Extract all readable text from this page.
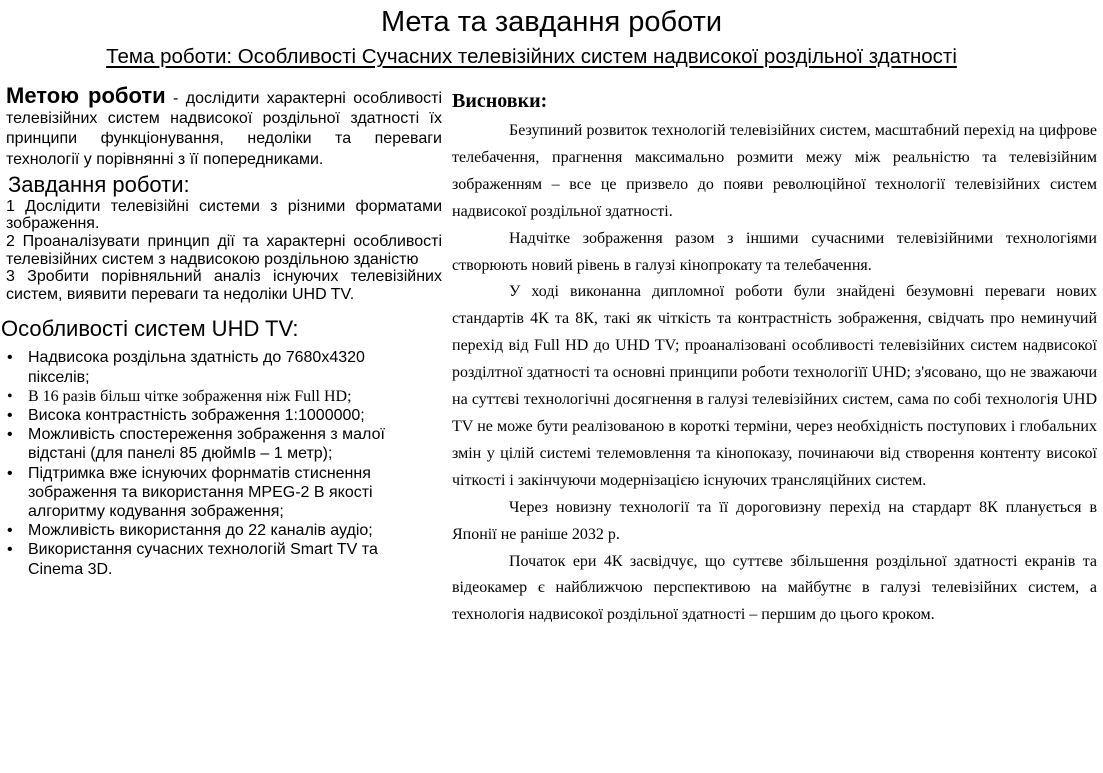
Мета та завдання роботи
Тема роботи: Особливості Сучасних телевізійних систем надвисокої роздільної здатності

Метою роботи - дослідити характерні особливості телевізійних систем надвисокої роздільної здатності їх принципи функціонування, недоліки та переваги технології у порівнянні з її попередниками.

Завдання роботи:

1 Дослідити телевізійні системи з різними форматами зображення.

2 Проаналізувати принцип дії та характерні особливості телевізійних систем з надвисокою роздільною зданістю

3 Зробити порівняльний аналіз існуючих телевізійних систем, виявити переваги та недоліки UHD TV.

Особливості систем UHD TV:
• Надвисока роздільна здатність до 7680x4320 пікселів;
• В 16 разів більш чітке зображення ніж Full HD;
• Висока контрастність зображення 1:1000000;
• Можливість спостереження зображення з малої відстані (для панелі 85 дюймІв – 1 метр);
• Підтримка вже існуючих форнматів стиснення зображення та використання MPEG-2 В якості алгоритму кодування зображення;
• Можливість використання до 22 каналів аудіо;
• Використання сучасних технологій Smart TV та Cinema 3D.
Висновки:

Безупиний розвиток технологій телевізійних систем, масштабний перехід на цифрове телебачення, прагнення максимально розмити межу між реальністю та телевізійним зображенням – все це призвело до появи революційної технології телевізійних систем надвисокої роздільної здатності.

Надчіткe зображення разом з іншими сучасними телевізійними технологіями створюють новий рівень в галузі кінопрокату та телебачення.

У ході виконанна дипломної роботи були знайдені безумовні переваги нових стандартів 4К та 8К, такі як чіткість та контрастність зображення, свідчать про неминучий перехід від Full HD до UHD TV; проаналізовані особливості телевізійних систем надвисокої розділтної здатності та основні принципи роботи технологіїї UHD; з'ясовано, що не зважаючи на суттєві технологічні досягнення в галузі телевізійних систем, сама по собі технологія UHD TV не може бути реалізованою в короткі терміни, через необхідність поступових і глобальних змін у цілій системі телемовлення та кінопоказу, починаючи від створення контенту високої чіткості і закінчуючи модернізацією існуючих трансляційних систем.

Через новизну технології та її дороговизну перехід на стардарт 8К планується в Японії не раніше 2032 р.

Початок ери 4К засвідчує, що суттєве збільшення роздільної здатності екранів та відеокамер є найближчою перспективою на майбутнє в галузі телевізійних систем, а технологія надвисокої роздільної здатності – першим до цього кроком.
